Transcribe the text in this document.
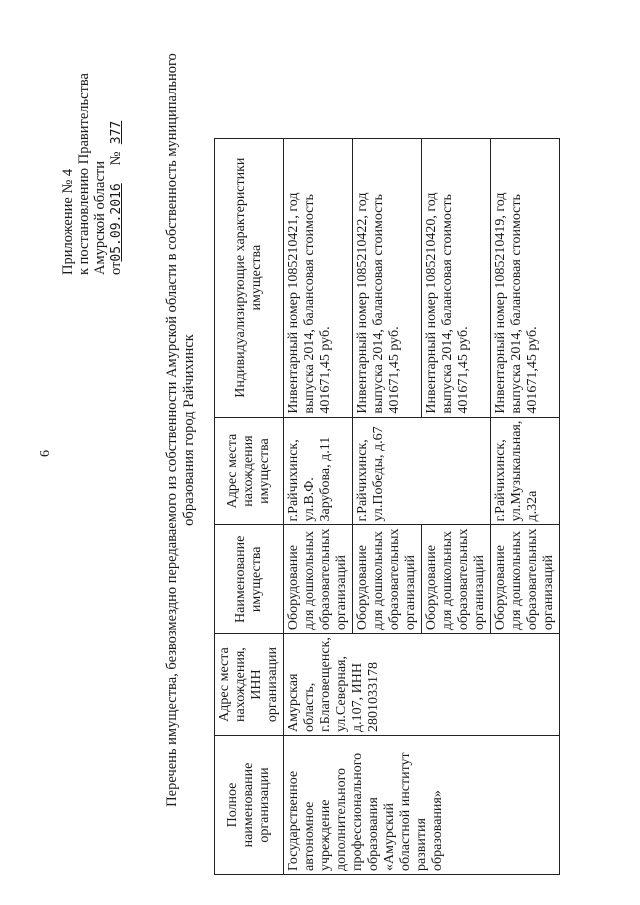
6
Приложение № 4 к постановлению Правительства Амурской области от05.09.2016
№  377	Перечень имущества, безвозмездно передаваемого из собственности Амурской области в собственность муниципального образования город Райчихинск
Полное наименование организации	Адрес места нахождения, ИНН организации	Наименование имущества	Адрес места нахождения имущества	Индивидуализирующие характеристики имущества
Государственное автономное учреждение дополнительного профессионального образования «Амурский областной институт развития образования»	Амурская область, г.Благовещенск, ул.Северная, д.107, ИНН 2801033178	Оборудование для дошкольных образовательных организаций	г.Райчихинск, ул.В.Ф. Зарубова, д.11	Инвентарный номер 1085210421, год выпуска 2014, балансовая стоимость 401671,45 руб.
		Оборудование для дошкольных образовательных организаций	г.Райчихинск, ул.Победы, д.67	Инвентарный номер 1085210422, год выпуска 2014, балансовая стоимость 401671,45 руб.
		Оборудование для дошкольных образовательных организаций		Инвентарный номер 1085210420, год выпуска 2014, балансовая стоимость 401671,45 руб.
		Оборудование для дошкольных образовательных организаций	г.Райчихинск, ул.Музыкальная, д.32а	Инвентарный номер 1085210419, год выпуска 2014, балансовая стоимость 401671,45 руб.
